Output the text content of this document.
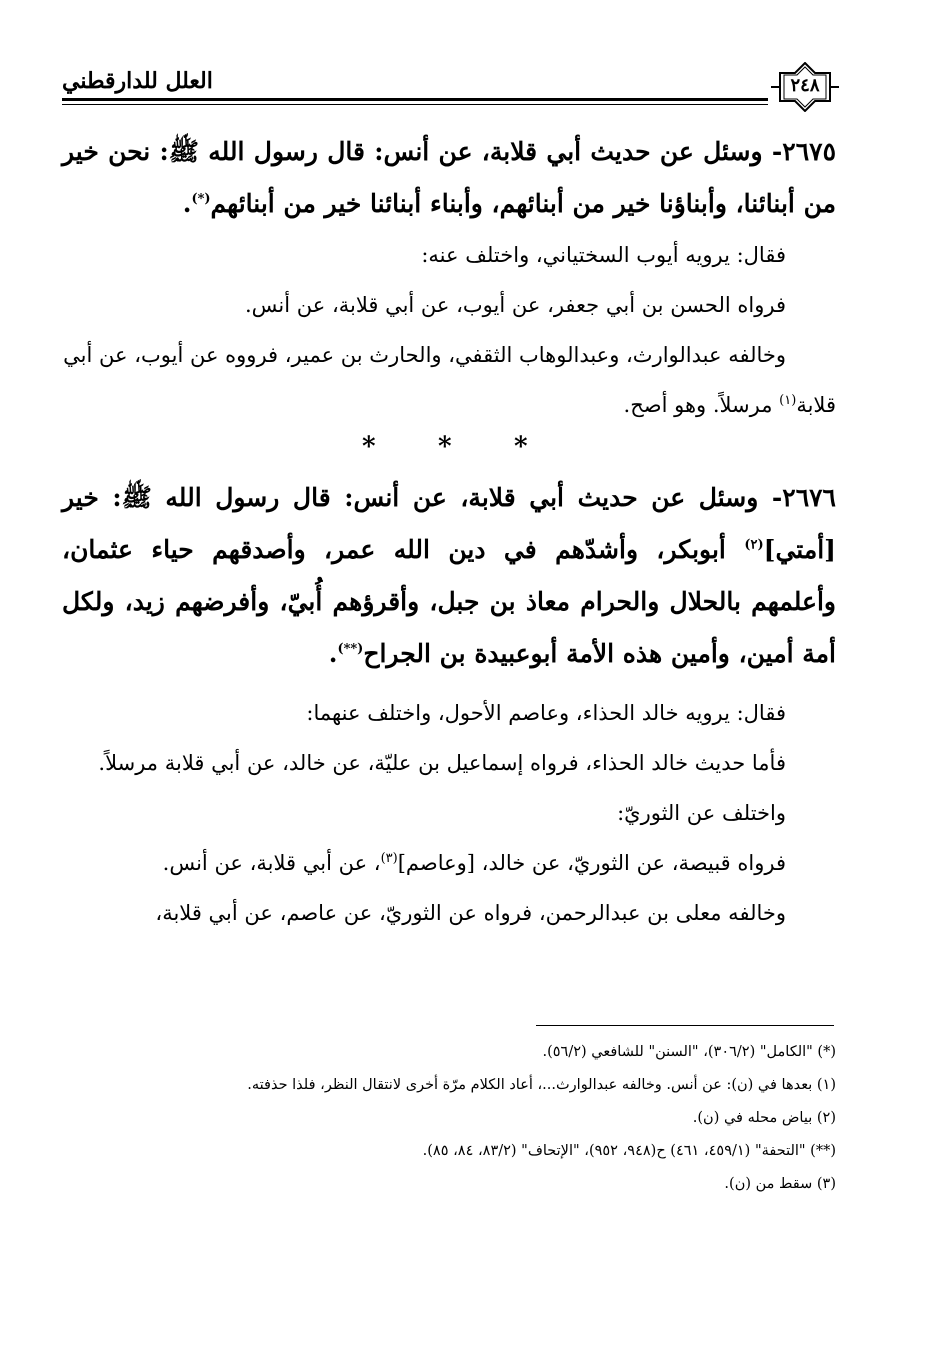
العلل للدارقطني	٢٤٨

٢٦٧٥- وسئل عن حديث أبي قلابة، عن أنس: قال رسول الله ﷺ: نحن خير من أبنائنا، وأبناؤنا خير من أبنائهم، وأبناء أبنائنا خير من أبنائهم(*).

فقال: يرويه أيوب السختياني، واختلف عنه:

فرواه الحسن بن أبي جعفر، عن أيوب، عن أبي قلابة، عن أنس.

وخالفه عبدالوارث، وعبدالوهاب الثقفي، والحارث بن عمير، فرووه عن أيوب، عن أبي قلابة$^{(١)}$ مرسلاً. وهو أصح.

* * *

٢٦٧٦- وسئل عن حديث أبي قلابة، عن أنس: قال رسول الله ﷺ: خير [أمتي]$^{(٢)}$ أبوبكر، وأشدّهم في دين الله عمر، وأصدقهم حياء عثمان، وأعلمهم بالحلال والحرام معاذ بن جبل، وأقرؤهم أُبيّ، وأفرضهم زيد، ولكل أمة أمين، وأمين هذه الأمة أبوعبيدة بن الجراح(**).

فقال: يرويه خالد الحذاء، وعاصم الأحول، واختلف عنهما:

فأما حديث خالد الحذاء، فرواه إسماعيل بن عليّة، عن خالد، عن أبي قلابة مرسلاً.

واختلف عن الثوريّ:

فرواه قبيصة، عن الثوريّ، عن خالد، [وعاصم]$^{(٣)}$، عن أبي قلابة، عن أنس.

وخالفه معلى بن عبدالرحمن، فرواه عن الثوريّ، عن عاصم، عن أبي قلابة،

(*) "الكامل" (٣٠٦/٢)، "السنن" للشافعي (٥٦/٢).
(١) بعدها في (ن): عن أنس. وخالفه عبدالوارث...، أعاد الكلام مرّة أخرى لانتقال النظر، فلذا حذفته.
(٢) بياض محله في (ن).
(**) "التحفة" (٤٥٩/١، ٤٦١) ح(٩٤٨، ٩٥٢)، "الإتحاف" (٨٣/٢، ٨٤، ٨٥).
(٣) سقط من (ن).
